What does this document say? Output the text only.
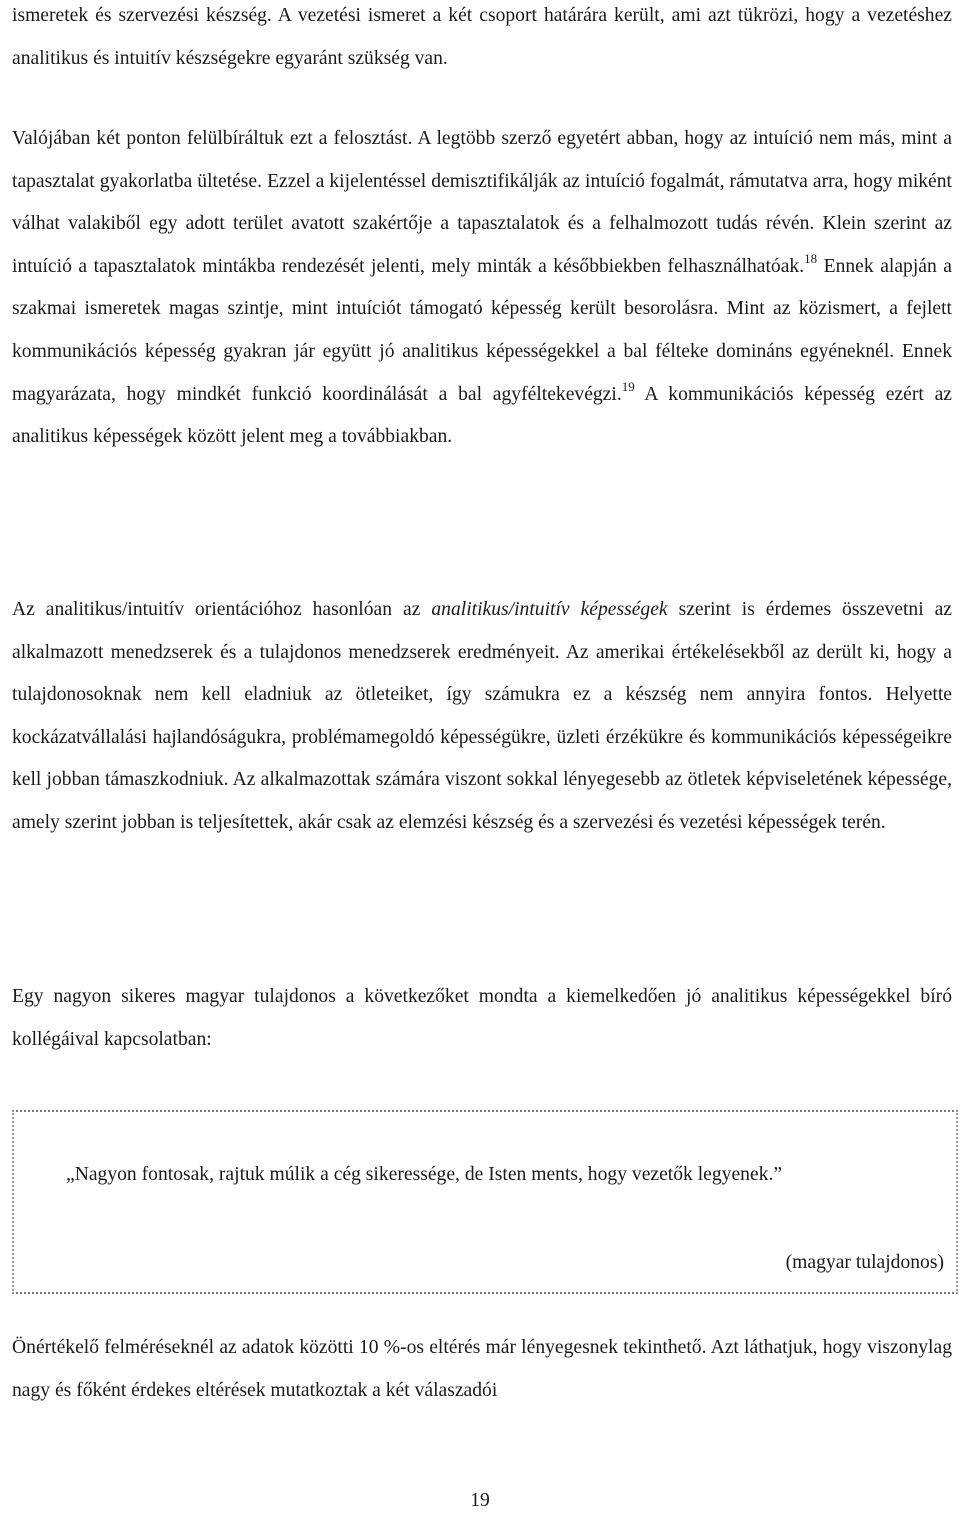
ismeretek és szervezési készség. A vezetési ismeret a két csoport határára került, ami azt tükrözi, hogy a vezetéshez analitikus és intuitív készségekre egyaránt szükség van.

Valójában két ponton felülbíráltuk ezt a felosztást. A legtöbb szerző egyetért abban, hogy az intuíció nem más, mint a tapasztalat gyakorlatba ültetése. Ezzel a kijelentéssel demisztifikálják az intuíció fogalmát, rámutatva arra, hogy miként válhat valakiből egy adott terület avatott szakértője a tapasztalatok és a felhalmozott tudás révén. Klein szerint az intuíció a tapasztalatok mintákba rendezését jelenti, mely minták a későbbiekben felhasználhatóak.$^{18}$ Ennek alapján a szakmai ismeretek magas szintje, mint intuíciót támogató képesség került besorolásra. Mint az közismert, a fejlett kommunikációs képesség gyakran jár együtt jó analitikus képességekkel a bal félteke domináns egyéneknél. Ennek magyarázata, hogy mindkét funkció koordinálását a bal agyféltekevégzi.$^{19}$ A kommunikációs képesség ezért az analitikus képességek között jelent meg a továbbiakban.

Az analitikus/intuitív orientációhoz hasonlóan az analitikus/intuitív képességek szerint is érdemes összevetni az alkalmazott menedzserek és a tulajdonos menedzserek eredményeit. Az amerikai értékelésekből az derült ki, hogy a tulajdonosoknak nem kell eladniuk az ötleteiket, így számukra ez a készség nem annyira fontos. Helyette kockázatvállalási hajlandóságukra, problémamegoldó képességükre, üzleti érzékükre és kommunikációs képességeikre kell jobban támaszkodniuk. Az alkalmazottak számára viszont sokkal lényegesebb az ötletek képviseletének képessége, amely szerint jobban is teljesítettek, akár csak az elemzési készség és a szervezési és vezetési képességek terén.

Egy nagyon sikeres magyar tulajdonos a következőket mondta a kiemelkedően jó analitikus képességekkel bíró kollégáival kapcsolatban:

„Nagyon fontosak, rajtuk múlik a cég sikeressége, de Isten ments, hogy vezetők legyenek.”

(magyar tulajdonos)

Önértékelő felméréseknél az adatok közötti 10 %-os eltérés már lényegesnek tekinthető. Azt láthatjuk, hogy viszonylag nagy és főként érdekes eltérések mutatkoztak a két válaszadói

19
